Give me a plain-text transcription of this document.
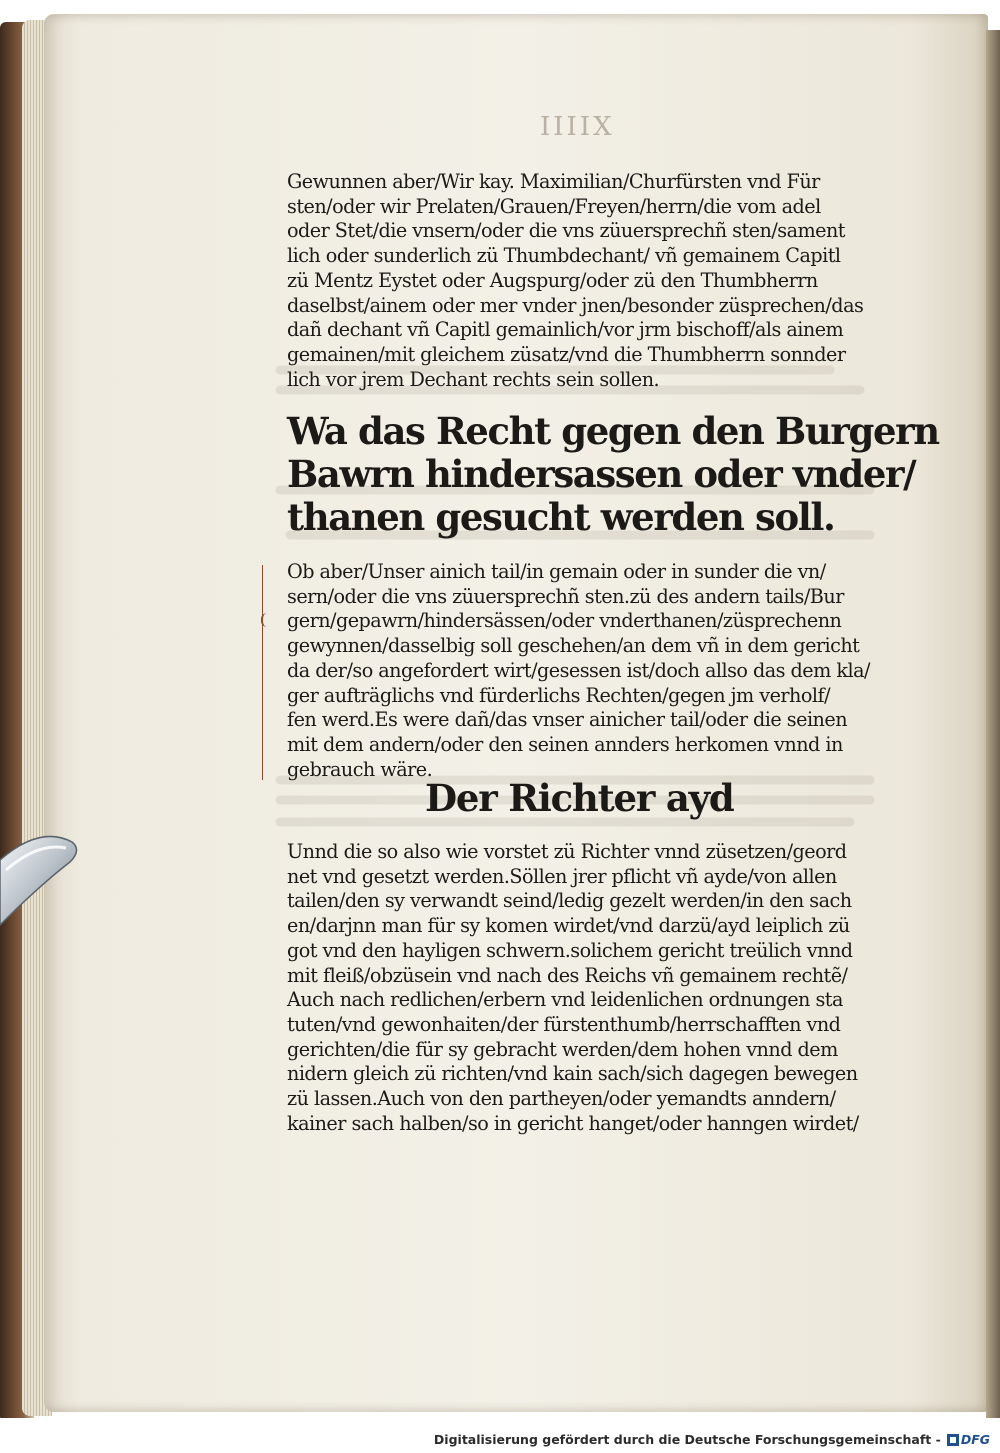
IIIIX

Gewunnen aber/Wir kay. Maximilian/Churfürsten vnd Für

sten/oder wir Prelaten/Grauen/Freyen/herrn/die vom adel

oder Stet/die vnsern/oder die vns züuersprechñ sten/sament

lich oder sunderlich zü Thumbdechant/ vñ gemainem Capitl

zü Mentz Eystet oder Augspurg/oder zü den Thumbherrn

daselbst/ainem oder mer vnder jnen/besonder züsprechen/das

dañ dechant vñ Capitl gemainlich/vor jrm bischoff/als ainem

gemainen/mit gleichem züsatz/vnd die Thumbherrn sonnder

lich vor jrem Dechant rechts sein sollen.

Wa das Recht gegen den Burgern

Bawrn hindersassen oder vnder/

thanen gesucht werden soll.

Ob aber/Unser ainich tail/in gemain oder in sunder die vn/

sern/oder die vns züuersprechñ sten.zü des andern tails/Bur

gern/gepawrn/hindersässen/oder vnderthanen/züsprechenn

gewynnen/dasselbig soll geschehen/an dem vñ in dem gericht

da der/so angefordert wirt/gesessen ist/doch allso das dem kla/

ger aufträglichs vnd fürderlichs Rechten/gegen jm verholf/

fen werd.Es were dañ/das vnser ainicher tail/oder die seinen

mit dem andern/oder den seinen annders herkomen vnnd in

gebrauch wäre.

Der Richter ayd

Unnd die so also wie vorstet zü Richter vnnd züsetzen/geord

net vnd gesetzt werden.Söllen jrer pflicht vñ ayde/von allen

tailen/den sy verwandt seind/ledig gezelt werden/in den sach

en/darjnn man für sy komen wirdet/vnd darzü/ayd leiplich zü

got vnd den hayligen schwern.solichem gericht treülich vnnd

mit fleiß/obzüsein vnd nach des Reichs vñ gemainem rechtẽ/

Auch nach redlichen/erbern vnd leidenlichen ordnungen sta

tuten/vnd gewonhaiten/der fürstenthumb/herrschafften vnd

gerichten/die für sy gebracht werden/dem hohen vnnd dem

nidern gleich zü richten/vnd kain sach/sich dagegen bewegen

zü lassen.Auch von den partheyen/oder yemandts anndern/

kainer sach halben/so in gericht hanget/oder hanngen wirdet/

Digitalisierung gefördert durch die Deutsche Forschungsgemeinschaft - DFG
